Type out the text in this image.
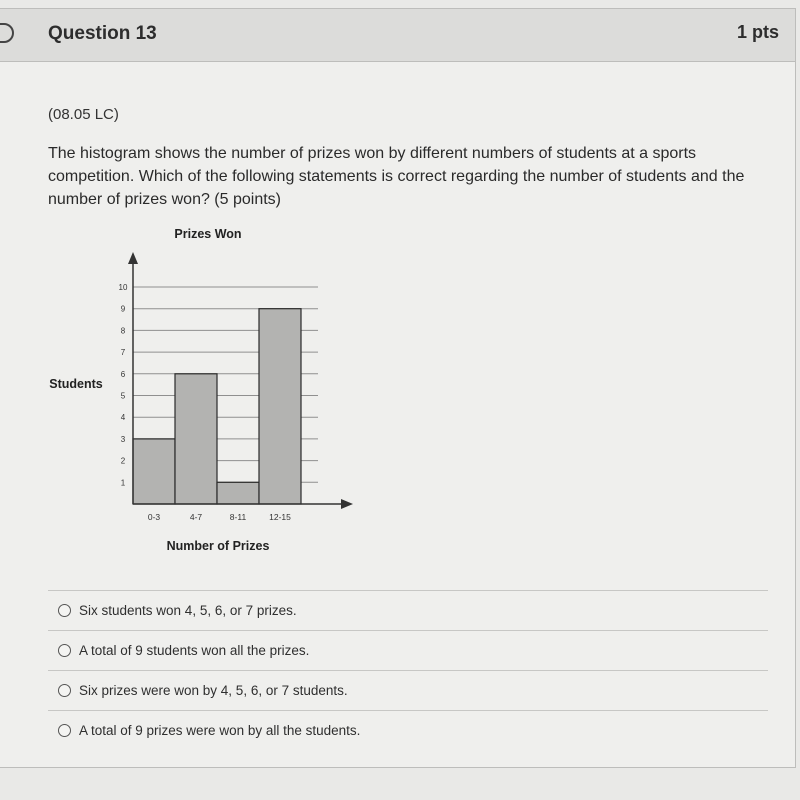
Question 13	1 pts
(08.05 LC)
The histogram shows the number of prizes won by different numbers of students at a sports competition. Which of the following statements is correct regarding the number of students and the number of prizes won? (5 points)
Prizes Won
Students
Number of Prizes
1
2
3
4
5
6
7
8
9
10
0-3	4-7	8-11	12-15
Six students won 4, 5, 6, or 7 prizes.
A total of 9 students won all the prizes.
Six prizes were won by 4, 5, 6, or 7 students.
A total of 9 prizes were won by all the students.
